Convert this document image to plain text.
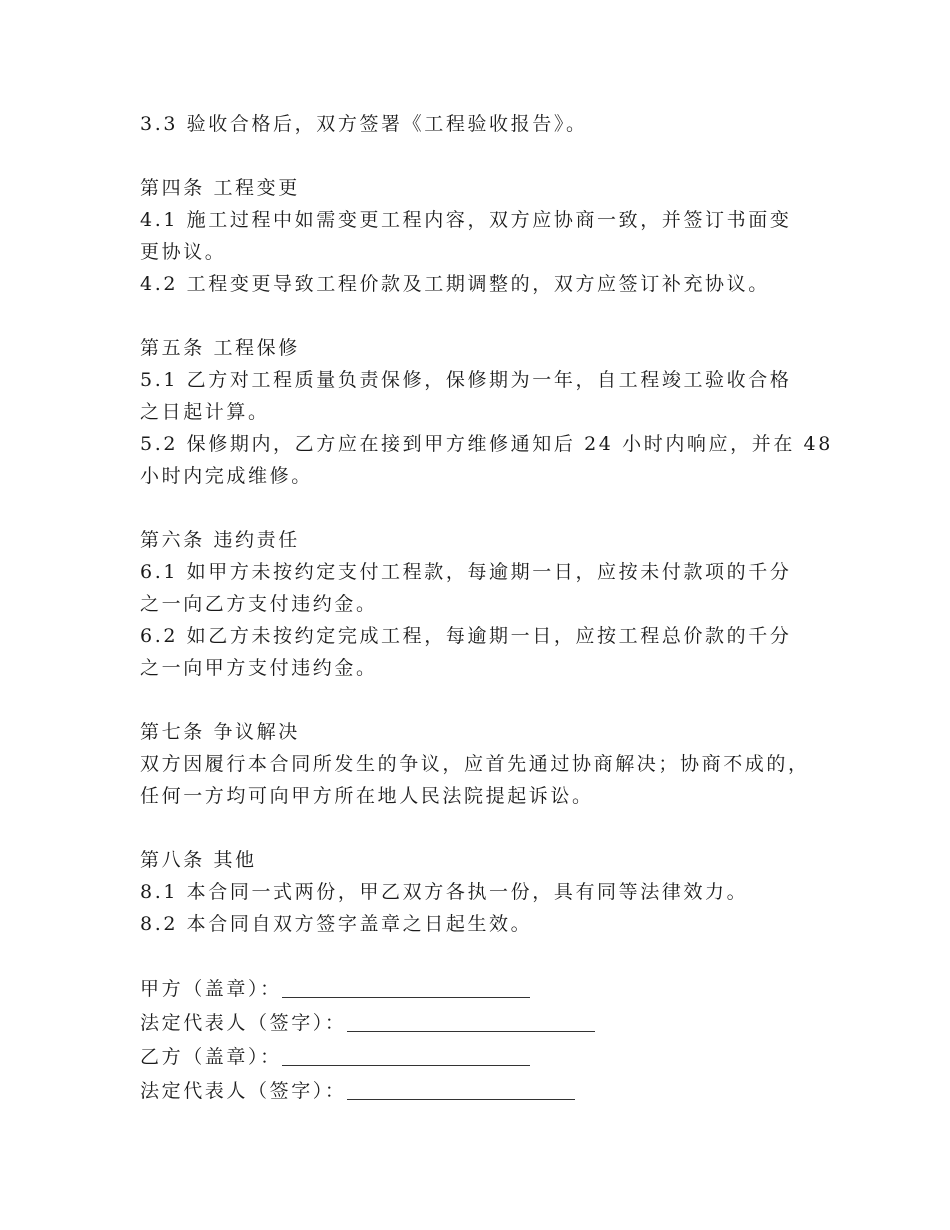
3.3 验收合格后，双方签署《工程验收报告》。
第四条 工程变更
4.1 施工过程中如需变更工程内容，双方应协商一致，并签订书面变
更协议。
4.2 工程变更导致工程价款及工期调整的，双方应签订补充协议。
第五条 工程保修
5.1 乙方对工程质量负责保修，保修期为一年，自工程竣工验收合格
之日起计算。
5.2 保修期内，乙方应在接到甲方维修通知后 24 小时内响应，并在 48
小时内完成维修。
第六条 违约责任
6.1 如甲方未按约定支付工程款，每逾期一日，应按未付款项的千分
之一向乙方支付违约金。
6.2 如乙方未按约定完成工程，每逾期一日，应按工程总价款的千分
之一向甲方支付违约金。
第七条 争议解决
双方因履行本合同所发生的争议，应首先通过协商解决；协商不成的，
任何一方均可向甲方所在地人民法院提起诉讼。
第八条 其他
8.1 本合同一式两份，甲乙双方各执一份，具有同等法律效力。
8.2 本合同自双方签字盖章之日起生效。
甲方（盖章）：
法定代表人（签字）：
乙方（盖章）：
法定代表人（签字）：
